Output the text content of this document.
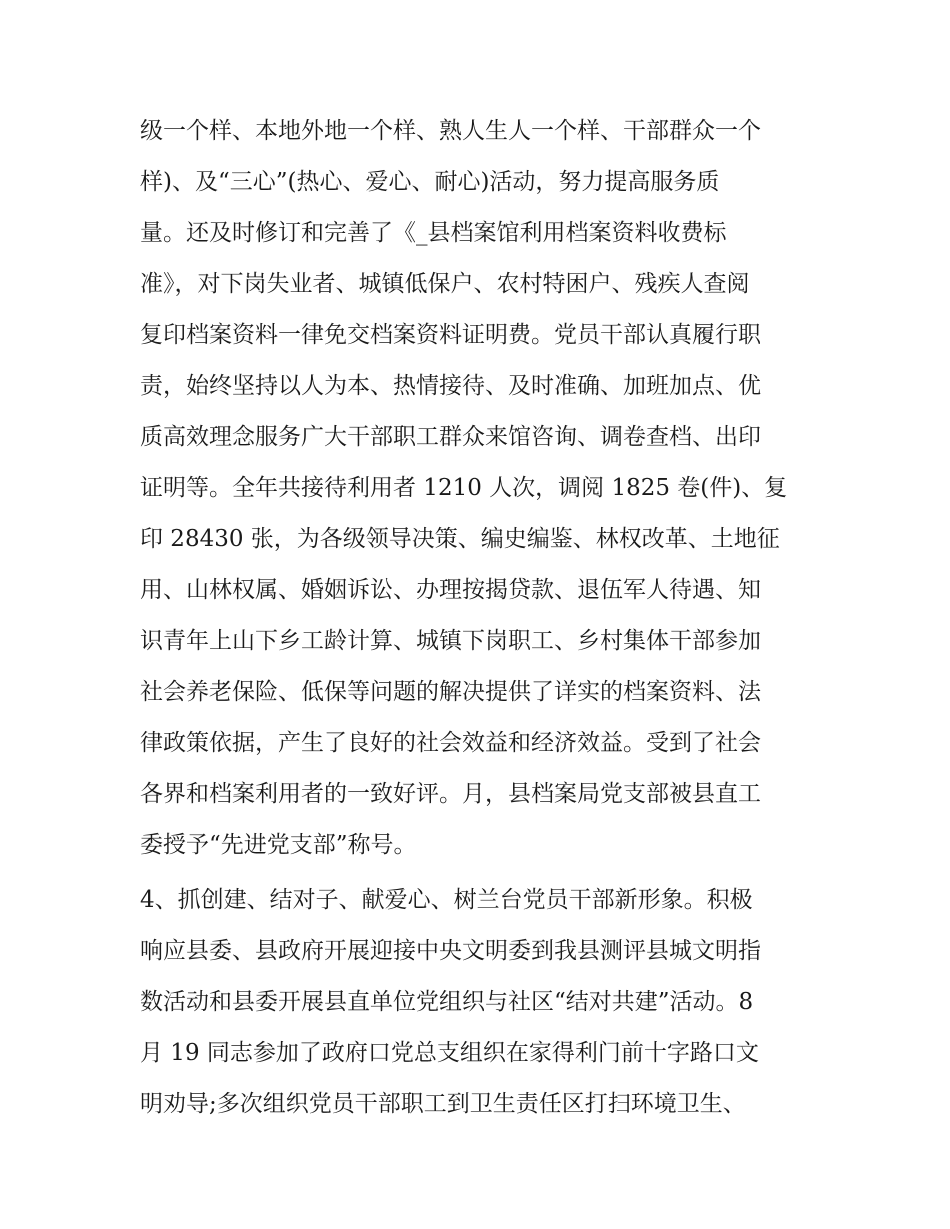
级一个样、本地外地一个样、熟人生人一个样、干部群众一个
样)、及“三心”(热心、爱心、耐心)活动，努力提高服务质
量。还及时修订和完善了《_县档案馆利用档案资料收费标
准》，对下岗失业者、城镇低保户、农村特困户、残疾人查阅
复印档案资料一律免交档案资料证明费。党员干部认真履行职
责，始终坚持以人为本、热情接待、及时准确、加班加点、优
质高效理念服务广大干部职工群众来馆咨询、调卷查档、出印
证明等。全年共接待利用者 1210 人次，调阅 1825 卷(件)、复
印 28430 张，为各级领导决策、编史编鉴、林权改革、土地征
用、山林权属、婚姻诉讼、办理按揭贷款、退伍军人待遇、知
识青年上山下乡工龄计算、城镇下岗职工、乡村集体干部参加
社会养老保险、低保等问题的解决提供了详实的档案资料、法
律政策依据，产生了良好的社会效益和经济效益。受到了社会
各界和档案利用者的一致好评。月，县档案局党支部被县直工
委授予“先进党支部”称号。
4、抓创建、结对子、献爱心、树兰台党员干部新形象。积极
响应县委、县政府开展迎接中央文明委到我县测评县城文明指
数活动和县委开展县直单位党组织与社区“结对共建”活动。8
月 19 同志参加了政府口党总支组织在家得利门前十字路口文
明劝导;多次组织党员干部职工到卫生责任区打扫环境卫生、
